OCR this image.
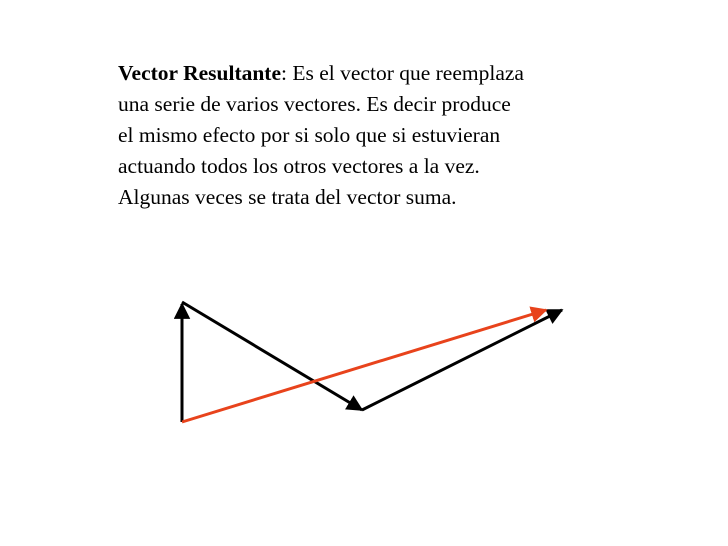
Vector Resultante: Es el vector que reemplaza
una serie de varios vectores. Es decir produce
el mismo efecto por si solo que si estuvieran
actuando todos los otros vectores a la vez.
Algunas veces se trata del vector suma.
